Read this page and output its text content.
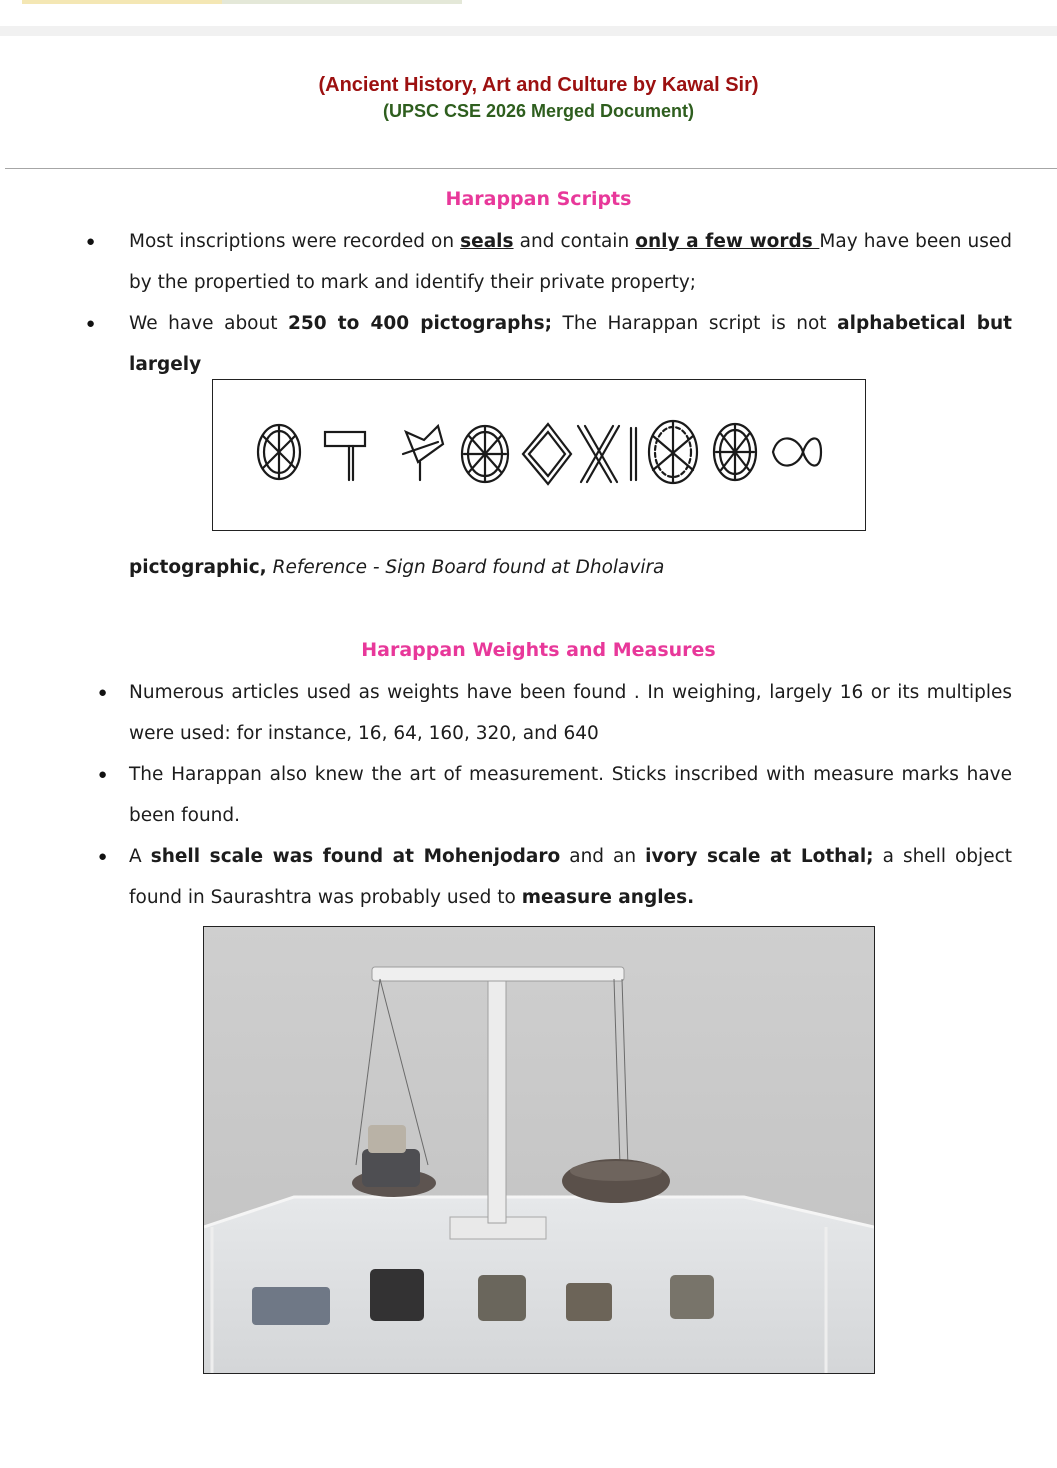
(Ancient History, Art and Culture by Kawal Sir)
(UPSC CSE 2026 Merged Document)
Harappan Scripts
● Most inscriptions were recorded on seals and contain only a few words May have been used by the propertied to mark and identify their private property;
● We have about 250 to 400 pictographs; The Harappan script is not alphabetical but largely
pictographic, Reference - Sign Board found at Dholavira
Harappan Weights and Measures
● Numerous articles used as weights have been found . In weighing, largely 16 or its multiples were used: for instance, 16, 64, 160, 320, and 640
● The Harappan also knew the art of measurement. Sticks inscribed with measure marks have been found.
● A shell scale was found at Mohenjodaro and an ivory scale at Lothal; a shell object found in Saurashtra was probably used to measure angles.
